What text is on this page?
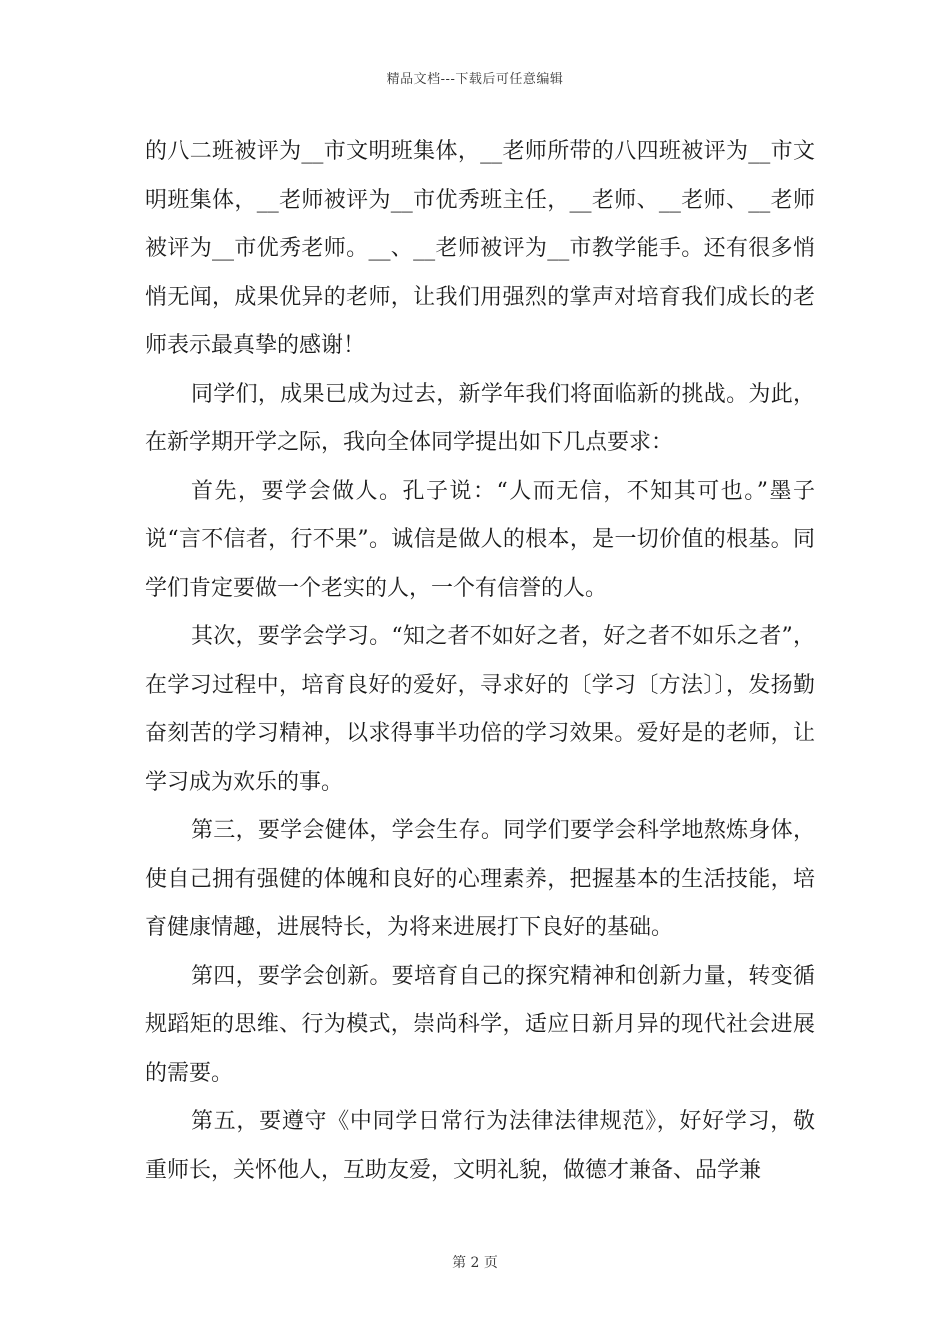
精品文档---下载后可任意编辑

的八二班被评为__市文明班集体，__老师所带的八四班被评为__市文明班集体，__老师被评为__市优秀班主任，__老师、__老师、__老师被评为__市优秀老师。__、__老师被评为__市教学能手。还有很多悄悄无闻，成果优异的老师，让我们用强烈的掌声对培育我们成长的老师表示最真挚的感谢！

同学们，成果已成为过去，新学年我们将面临新的挑战。为此，在新学期开学之际，我向全体同学提出如下几点要求：

首先，要学会做人。孔子说：“人而无信，不知其可也。”墨子说“言不信者，行不果”。诚信是做人的根本，是一切价值的根基。同学们肯定要做一个老实的人，一个有信誉的人。

其次，要学会学习。“知之者不如好之者，好之者不如乐之者”，在学习过程中，培育良好的爱好，寻求好的〔学习〔方法〕〕，发扬勤奋刻苦的学习精神，以求得事半功倍的学习效果。爱好是的老师，让学习成为欢乐的事。

第三，要学会健体，学会生存。同学们要学会科学地熬炼身体，使自己拥有强健的体魄和良好的心理素养，把握基本的生活技能，培育健康情趣，进展特长，为将来进展打下良好的基础。

第四，要学会创新。要培育自己的探究精神和创新力量，转变循规蹈矩的思维、行为模式，崇尚科学，适应日新月异的现代社会进展的需要。

第五，要遵守《中同学日常行为法律法律规范》，好好学习，敬重师长，关怀他人，互助友爱，文明礼貌，做德才兼备、品学兼

第 2 页
